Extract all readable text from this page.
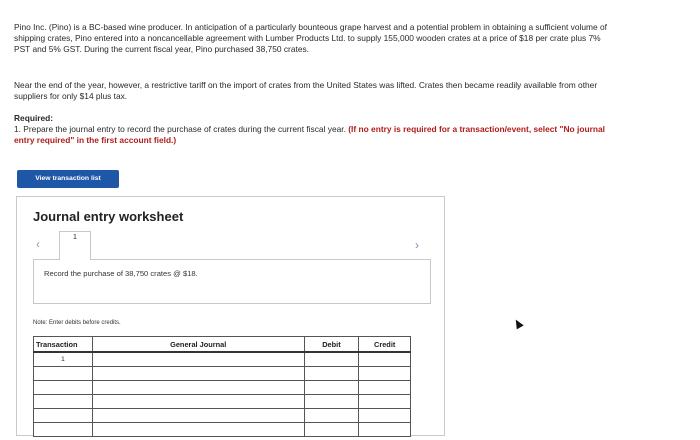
Pino Inc. (Pino) is a BC-based wine producer. In anticipation of a particularly bounteous grape harvest and a potential problem in obtaining a sufficient volume of shipping crates, Pino entered into a noncancellable agreement with Lumber Products Ltd. to supply 155,000 wooden crates at a price of $18 per crate plus 7% PST and 5% GST. During the current fiscal year, Pino purchased 38,750 crates.
Near the end of the year, however, a restrictive tariff on the import of crates from the United States was lifted. Crates then became readily available from other suppliers for only $14 plus tax.
Required:
1. Prepare the journal entry to record the purchase of crates during the current fiscal year. (If no entry is required for a transaction/event, select "No journal entry required" in the first account field.)
View transaction list
Journal entry worksheet
‹	1
Record the purchase of 38,750 crates @ $18.
Note: Enter debits before credits.
Transaction	General Journal	Debit	Credit
1			

›
